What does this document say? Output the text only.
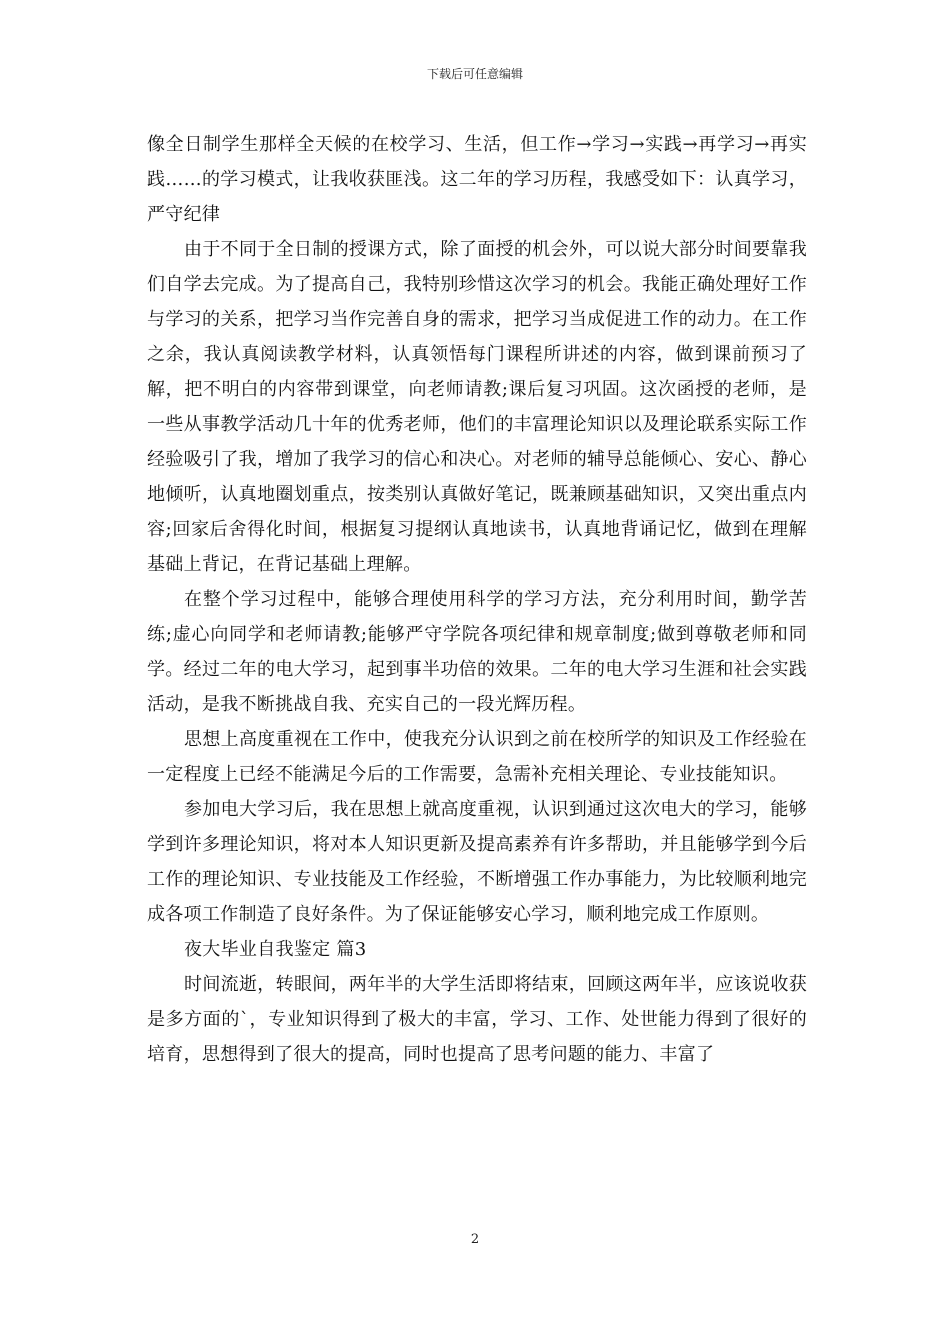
下载后可任意编辑

像全日制学生那样全天候的在校学习、生活，但工作→学习→实践→再学习→再实践……的学习模式，让我收获匪浅。这二年的学习历程，我感受如下：认真学习，严守纪律

由于不同于全日制的授课方式，除了面授的机会外，可以说大部分时间要靠我们自学去完成。为了提高自己，我特别珍惜这次学习的机会。我能正确处理好工作与学习的关系，把学习当作完善自身的需求，把学习当成促进工作的动力。在工作之余，我认真阅读教学材料，认真领悟每门课程所讲述的内容，做到课前预习了解，把不明白的内容带到课堂，向老师请教;课后复习巩固。这次函授的老师，是一些从事教学活动几十年的优秀老师，他们的丰富理论知识以及理论联系实际工作经验吸引了我，增加了我学习的信心和决心。对老师的辅导总能倾心、安心、静心地倾听，认真地圈划重点，按类别认真做好笔记，既兼顾基础知识，又突出重点内容;回家后舍得化时间，根据复习提纲认真地读书，认真地背诵记忆，做到在理解基础上背记，在背记基础上理解。

在整个学习过程中，能够合理使用科学的学习方法，充分利用时间，勤学苦练;虚心向同学和老师请教;能够严守学院各项纪律和规章制度;做到尊敬老师和同学。经过二年的电大学习，起到事半功倍的效果。二年的电大学习生涯和社会实践活动，是我不断挑战自我、充实自己的一段光辉历程。

思想上高度重视在工作中，使我充分认识到之前在校所学的知识及工作经验在一定程度上已经不能满足今后的工作需要，急需补充相关理论、专业技能知识。

参加电大学习后，我在思想上就高度重视，认识到通过这次电大的学习，能够学到许多理论知识，将对本人知识更新及提高素养有许多帮助，并且能够学到今后工作的理论知识、专业技能及工作经验，不断增强工作办事能力，为比较顺利地完成各项工作制造了良好条件。为了保证能够安心学习，顺利地完成工作原则。

夜大毕业自我鉴定 篇3

时间流逝，转眼间，两年半的大学生活即将结束，回顾这两年半，应该说收获是多方面的`，专业知识得到了极大的丰富，学习、工作、处世能力得到了很好的培育，思想得到了很大的提高，同时也提高了思考问题的能力、丰富了

2
